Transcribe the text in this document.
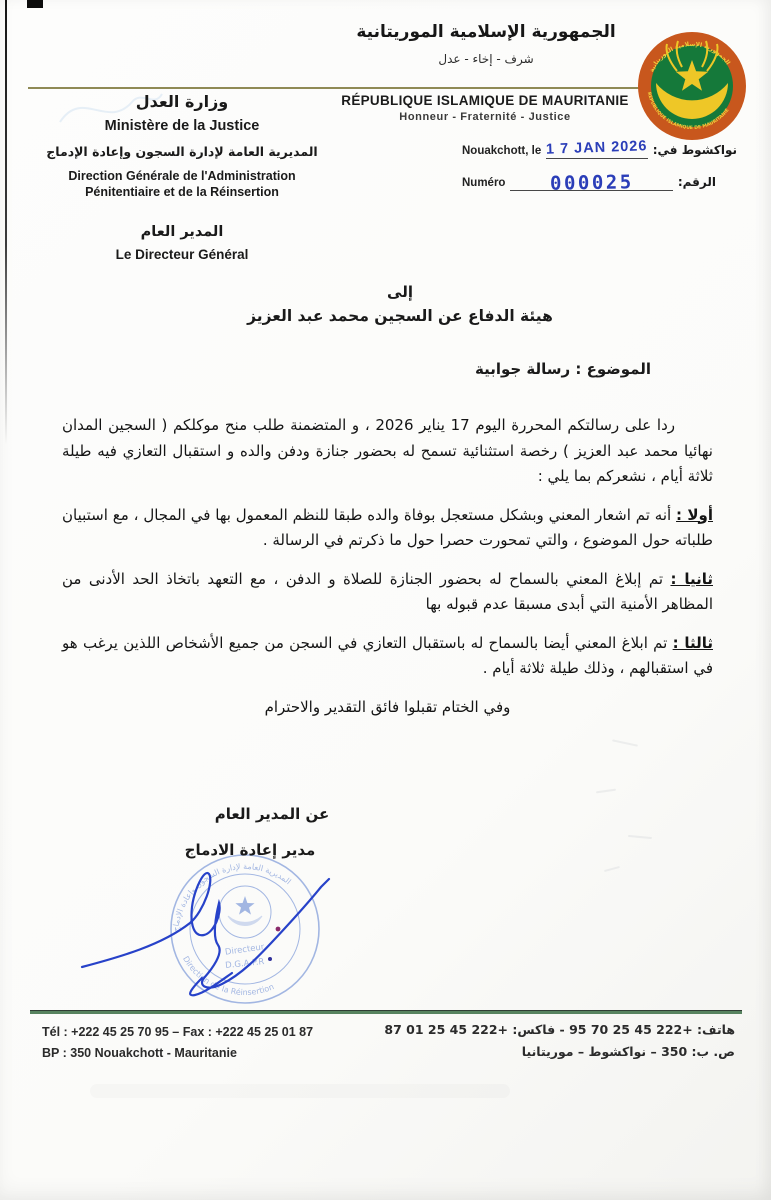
الجمهورية الإسلامية الموريتانية
شرف - إخاء - عدل
RÉPUBLIQUE ISLAMIQUE DE MAURITANIE
Honneur - Fraternité - Justice
الجمهورية الإسلامية الموريتانية
REPUBLIQUE ISLAMIQUE DE MAURITANIE
وزارة العدل
Ministère de la Justice
المديرية العامة لإدارة السجون وإعادة الإدماج
Direction Générale de l'Administration
Pénitentiaire et de la Réinsertion
المدير العام
Le Directeur Général
Nouakchott, le 1 7 JAN 2026 نواكشوط في:
Numéro	000025	الرقم:
إلى
هيئة الدفاع عن السجين محمد عبد العزيز
الموضوع : رسالة جوابية

ردا على رسالتكم المحررة اليوم 17 يناير 2026 ، و المتضمنة طلب منح موكلكم ( السجين المدان نهائيا محمد عبد العزيز ) رخصة استثنائية تسمح له بحضور جنازة ودفن والده و استقبال التعازي فيه طيلة ثلاثة أيام ، نشعركم بما يلي :

أولا : أنه تم اشعار المعني وبشكل مستعجل بوفاة والده طبقا للنظم المعمول بها في المجال ، مع استبيان طلباته حول الموضوع ، والتي تمحورت حصرا حول ما ذكرتم في الرسالة .

ثانيا : تم إبلاغ المعني بالسماح له بحضور الجنازة للصلاة و الدفن ، مع التعهد باتخاذ الحد الأدنى من المظاهر الأمنية التي أبدى مسبقا عدم قبوله بها

ثالثا : تم ابلاغ المعني أيضا بالسماح له باستقبال التعازي في السجن من جميع الأشخاص اللذين يرغب هو في استقبالهم ، وذلك طيلة ثلاثة أيام .

وفي الختام تقبلوا فائق التقدير والاحترام

عن المدير العام
مدير إعادة الادماج
المديرية العامة لإدارة السجون وإعادة الإدماج
Direction de la Réinsertion
Directeur
D.G.A.P.R
Tél : +222 45 25 70 95 – Fax : +222 45 25 01 87
BP : 350 Nouakchott - Mauritanie
هاتف: +222 45 25 70 95 - فاكس: +222 45 25 01 87
ص. ب: 350 – نواكشوط – موريتانيا
